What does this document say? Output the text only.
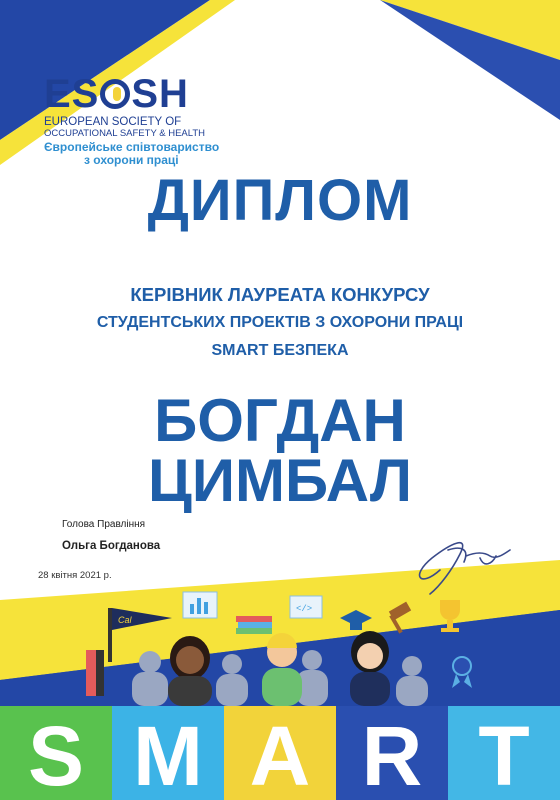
ES SH
EUROPEAN SOCIETY OF
OCCUPATIONAL SAFETY & HEALTH
Європейське співтовариство
з охорони праці
ДИПЛОМ
КЕРІВНИК ЛАУРЕАТА КОНКУРСУ
СТУДЕНТСЬКИХ ПРОЕКТІВ З ОХОРОНИ ПРАЦІ
SMART БЕЗПЕКА
БОГДАН
ЦИМБАЛ
Голова Правління
Ольга Богданова
28 квітня 2021 р.
Cal
</>
S M A R T
